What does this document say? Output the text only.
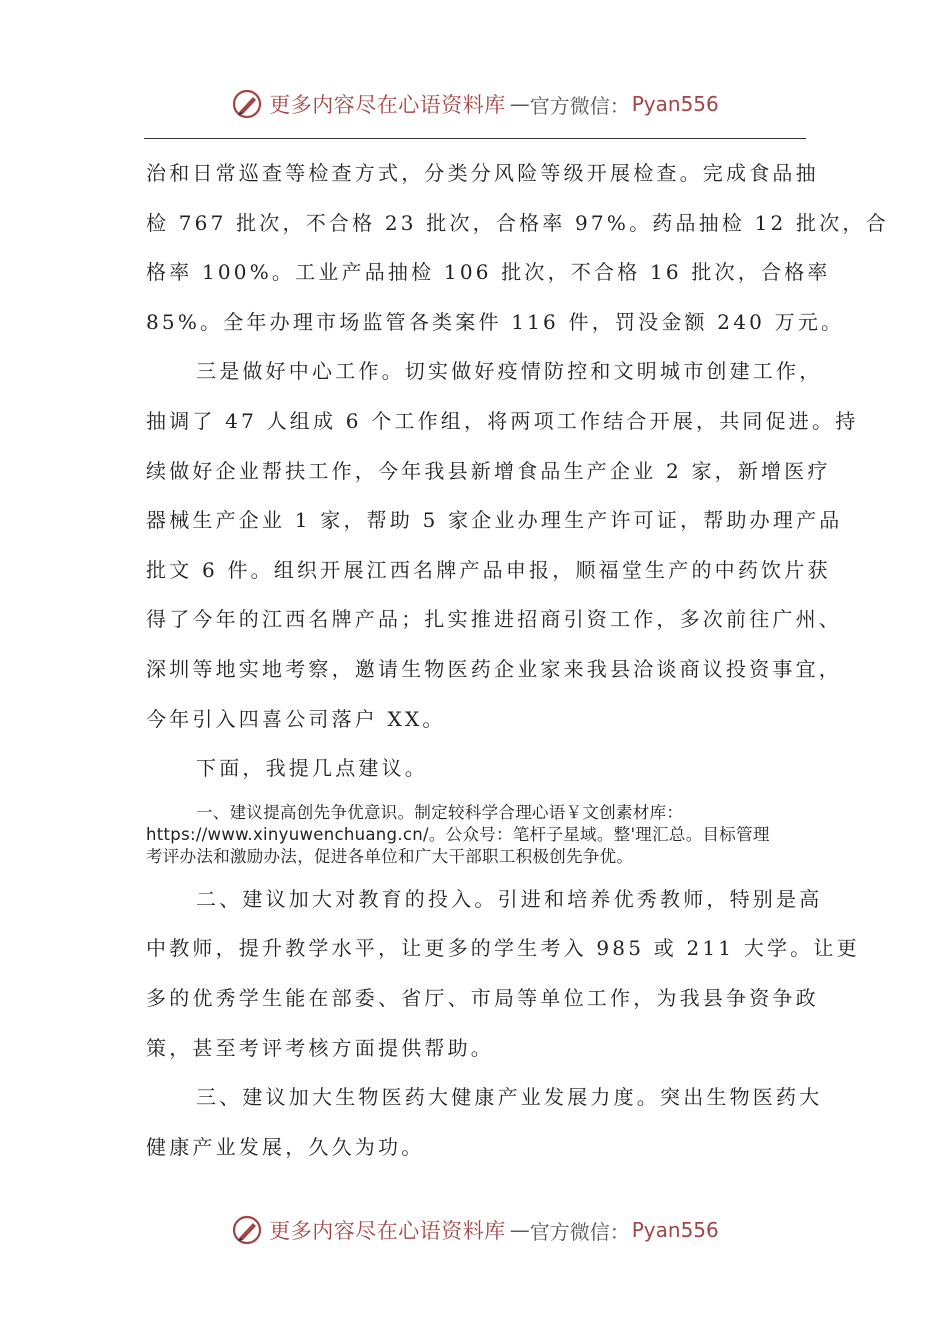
更多内容尽在心语资料库 — 官方微信： Pyan556
治和日常巡查等检查方式，分类分风险等级开展检查。完成食品抽
检 767 批次，不合格 23 批次，合格率 97%。药品抽检 12 批次，合
格率 100%。工业产品抽检 106 批次，不合格 16 批次，合格率
85%。全年办理市场监管各类案件 116 件，罚没金额 240 万元。
三是做好中心工作。切实做好疫情防控和文明城市创建工作，
抽调了 47 人组成 6 个工作组，将两项工作结合开展，共同促进。持
续做好企业帮扶工作，今年我县新增食品生产企业 2 家，新增医疗
器械生产企业 1 家，帮助 5 家企业办理生产许可证，帮助办理产品
批文 6 件。组织开展江西名牌产品申报，顺福堂生产的中药饮片获
得了今年的江西名牌产品；扎实推进招商引资工作，多次前往广州、
深圳等地实地考察，邀请生物医药企业家来我县洽谈商议投资事宜，
今年引入四喜公司落户 XX。
下面，我提几点建议。
一、建议提高创先争优意识。制定较科学合理心语￥文创素材库：
https://www.xinyuwenchuang.cn/。公众号：笔杆子星域。整'理汇总。目标管理
考评办法和激励办法，促进各单位和广大干部职工积极创先争优。
二、建议加大对教育的投入。引进和培养优秀教师，特别是高
中教师，提升教学水平，让更多的学生考入 985 或 211 大学。让更
多的优秀学生能在部委、省厅、市局等单位工作，为我县争资争政
策，甚至考评考核方面提供帮助。
三、建议加大生物医药大健康产业发展力度。突出生物医药大
健康产业发展，久久为功。
更多内容尽在心语资料库 — 官方微信： Pyan556
